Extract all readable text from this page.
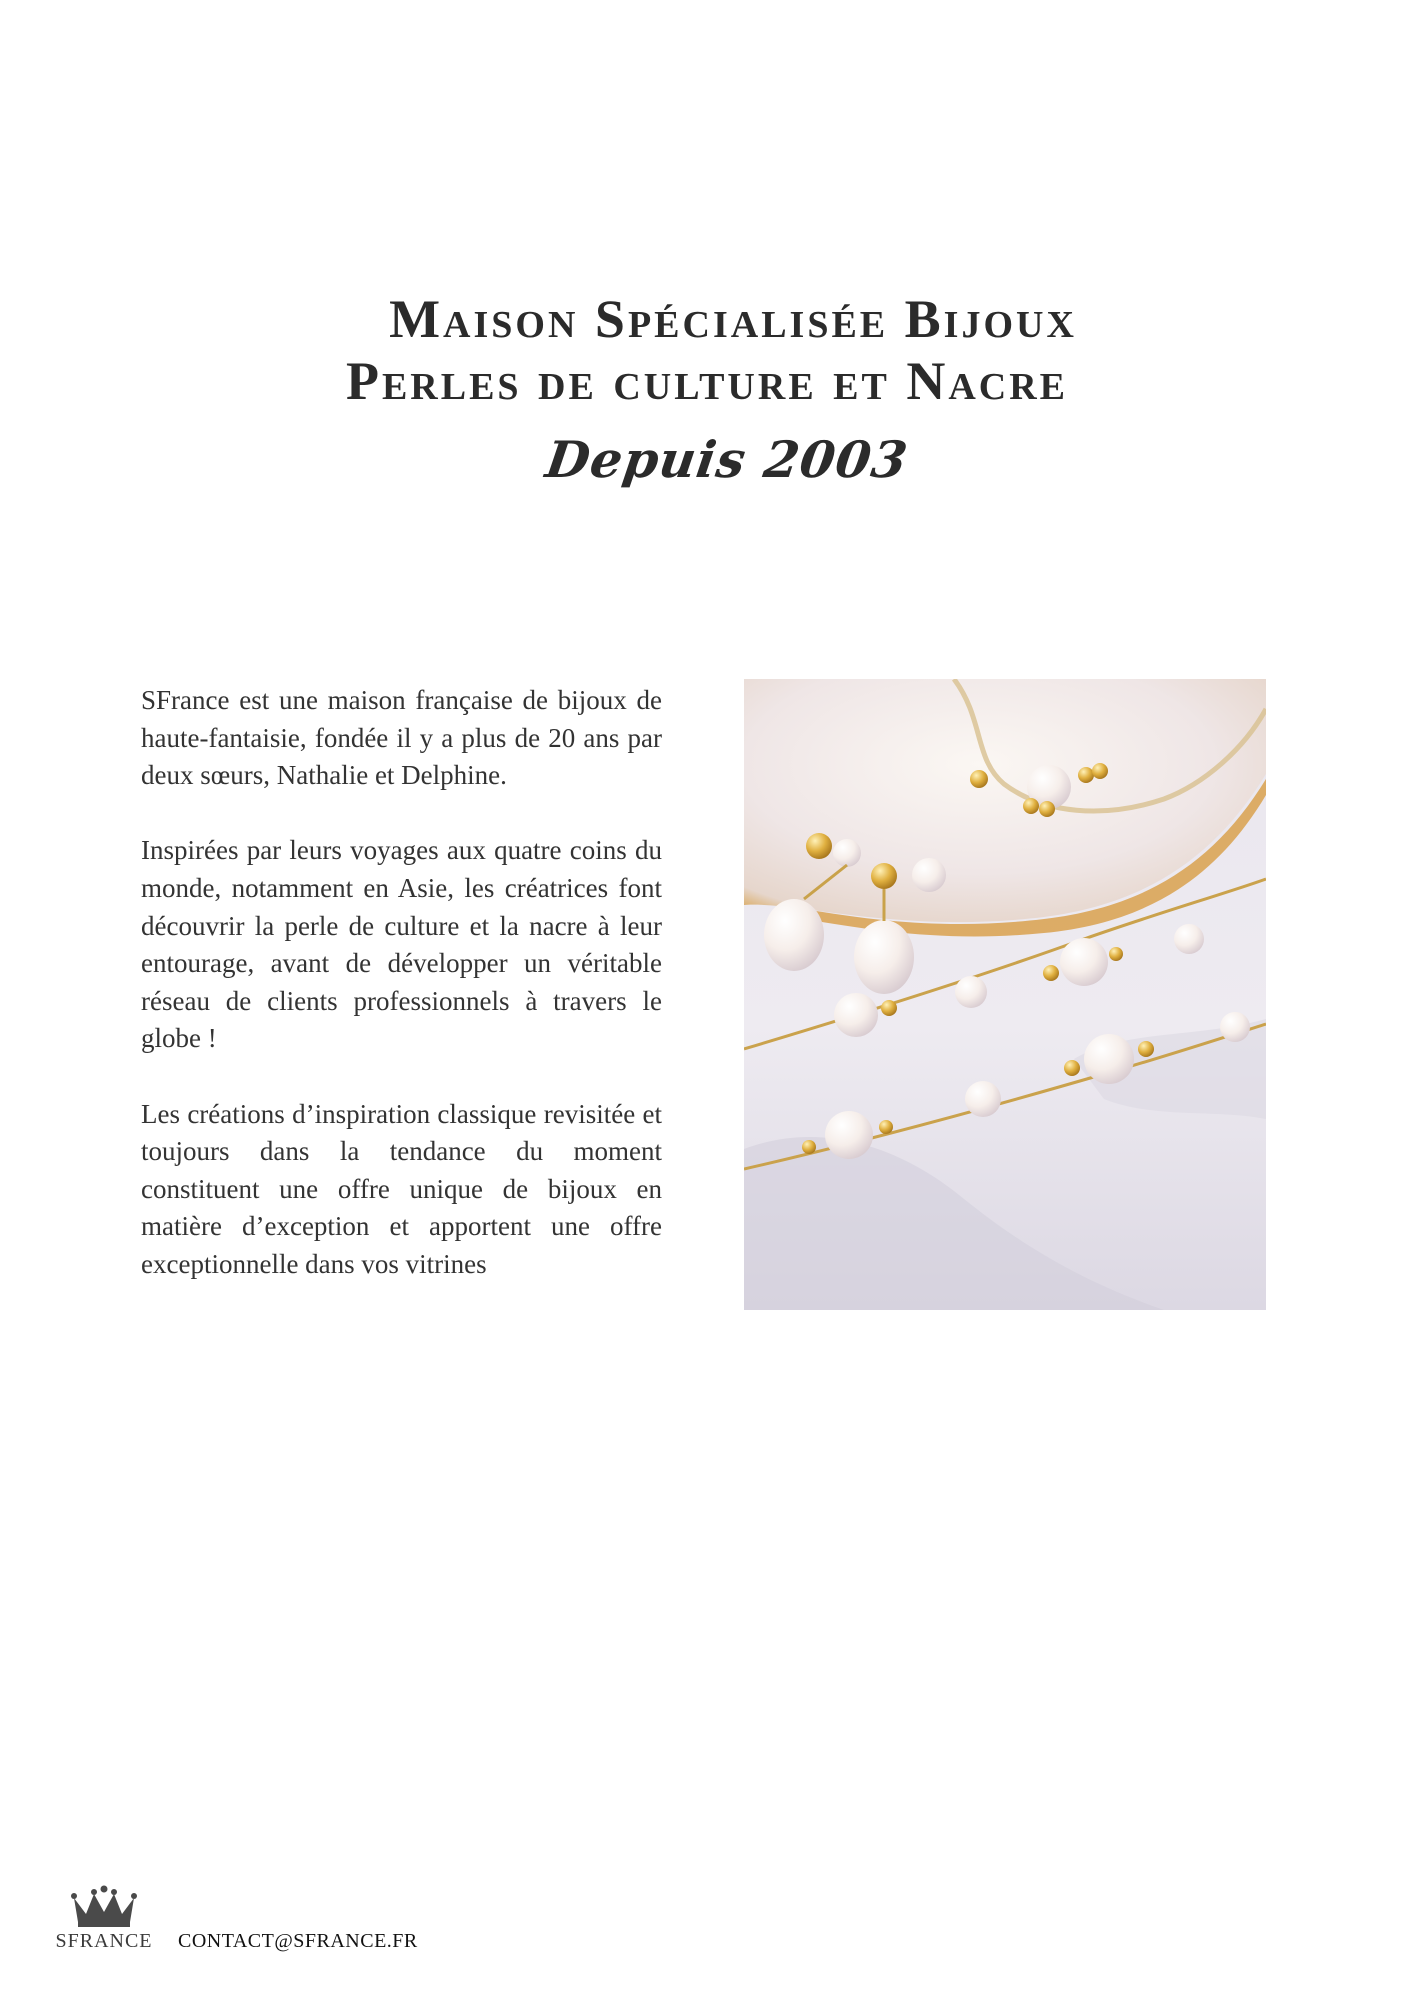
Maison Spécialisée Bijoux
Perles de culture et Nacre
Depuis 2003

SFrance est une maison française de bijoux de haute-fantaisie, fondée il y a plus de 20 ans par deux sœurs, Nathalie et Delphine.

Inspirées par leurs voyages aux quatre coins du monde, notamment en Asie, les créatrices font découvrir la perle de culture et la nacre à leur entourage, avant de développer un véritable réseau de clients professionnels à travers le globe !

Les créations d’inspiration classique revisitée et toujours dans la tendance du moment constituent une offre unique de bijoux en matière d’exception et apportent une offre exceptionnelle dans vos vitrines

SFRANCE CONTACT@SFRANCE.FR
